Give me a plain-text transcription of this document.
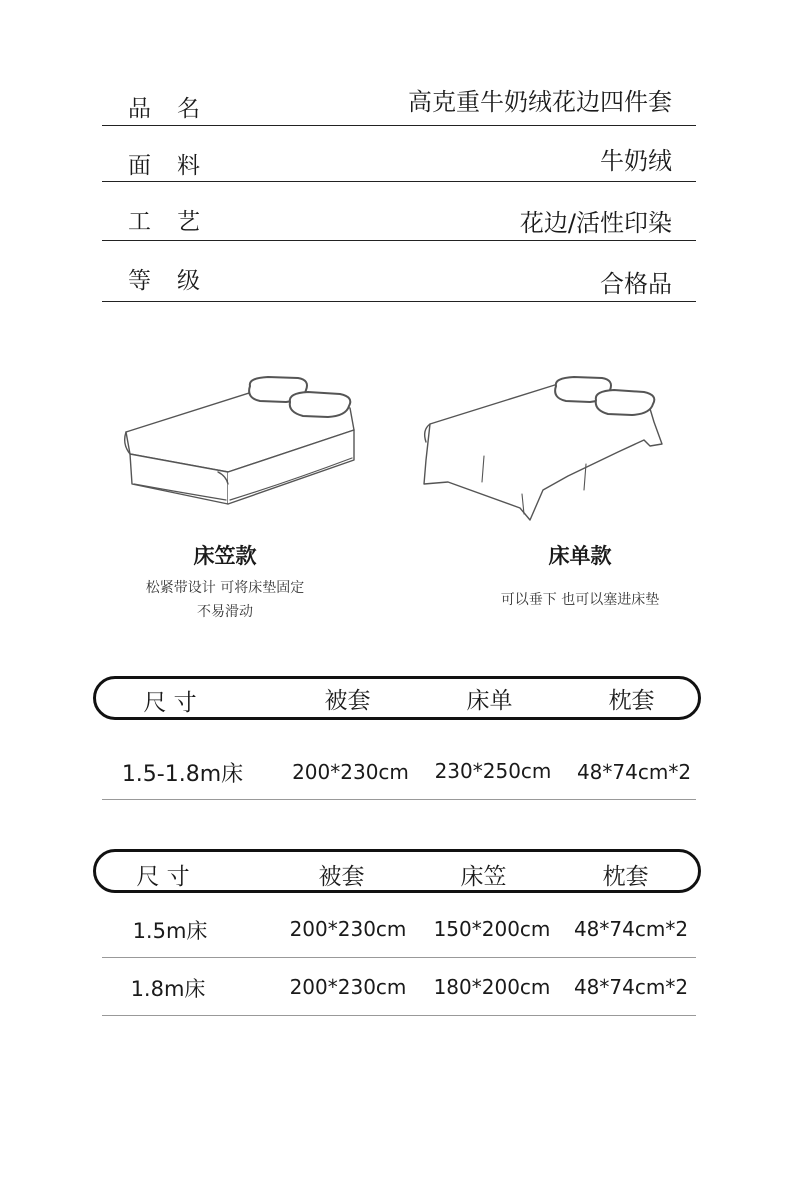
品名	高克重牛奶绒花边四件套
面料	牛奶绒
工艺	花边/活性印染
等级	合格品
床笠款
松紧带设计 可将床垫固定
不易滑动
床单款
可以垂下 也可以塞进床垫
尺 寸	被套	床单	枕套
1.5-1.8m床	200*230cm	230*250cm	48*74cm*2
尺 寸	被套	床笠	枕套
1.5m床	200*230cm	150*200cm 48*74cm*2
1.8m床	200*230cm	180*200cm 48*74cm*2
